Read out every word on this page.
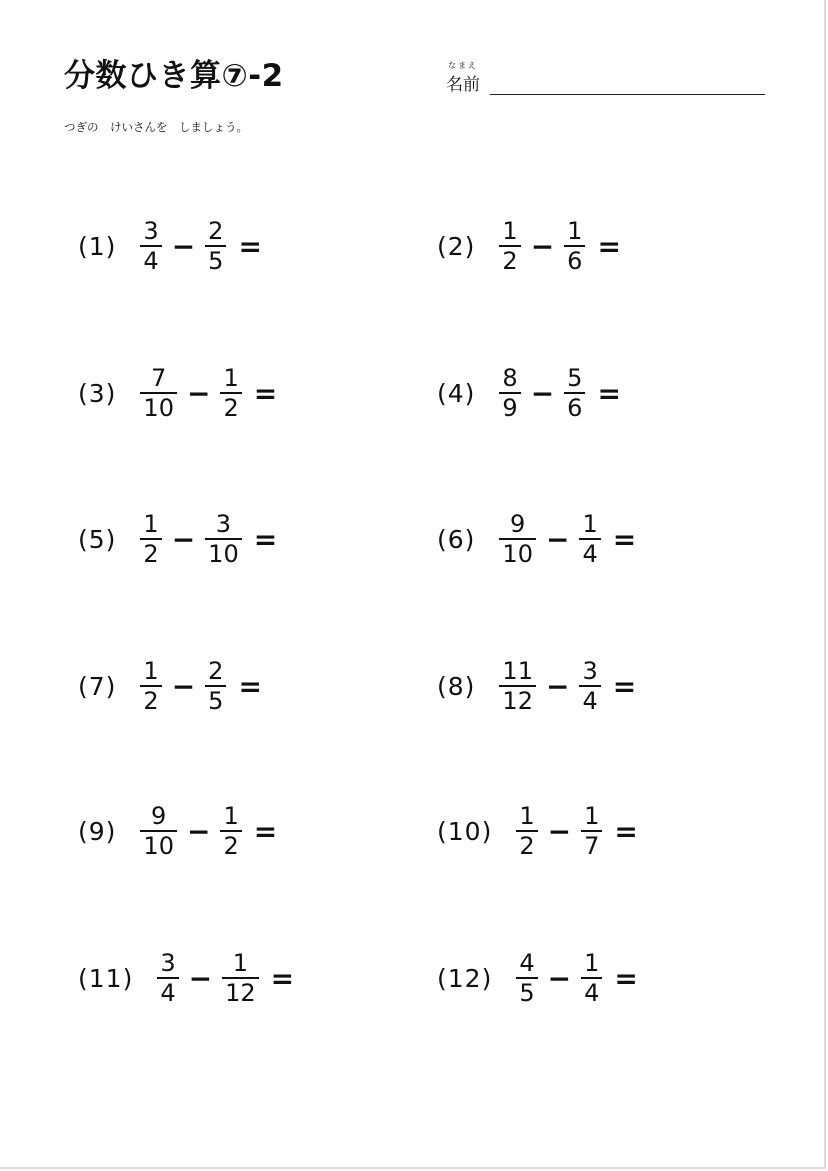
分数ひき算⑦-2	なまえ
名前
つぎの　けいさんを　しましょう。
$(1) \frac{3}{4} - \frac{2}{5}$ =	$(2) \frac{1}{2} - \frac{1}{6}$ =
$(3) \frac{7}{10} - \frac{1}{2}$ =	$(4) \frac{8}{9} - \frac{5}{6}$ =
$(5) \frac{1}{2} - \frac{3}{10}$ =	$(6) \frac{9}{10} - \frac{1}{4}$ =
$(7) \frac{1}{2} - \frac{2}{5}$ =	$(8) \frac{11}{12} - \frac{3}{4}$ =
$(9) \frac{9}{10} - \frac{1}{2}$ =	$(10) \frac{1}{2} - \frac{1}{7}$ =
$(11) \frac{3}{4} - \frac{1}{12}$ =	$(12) \frac{4}{5} - \frac{1}{4}$ =
